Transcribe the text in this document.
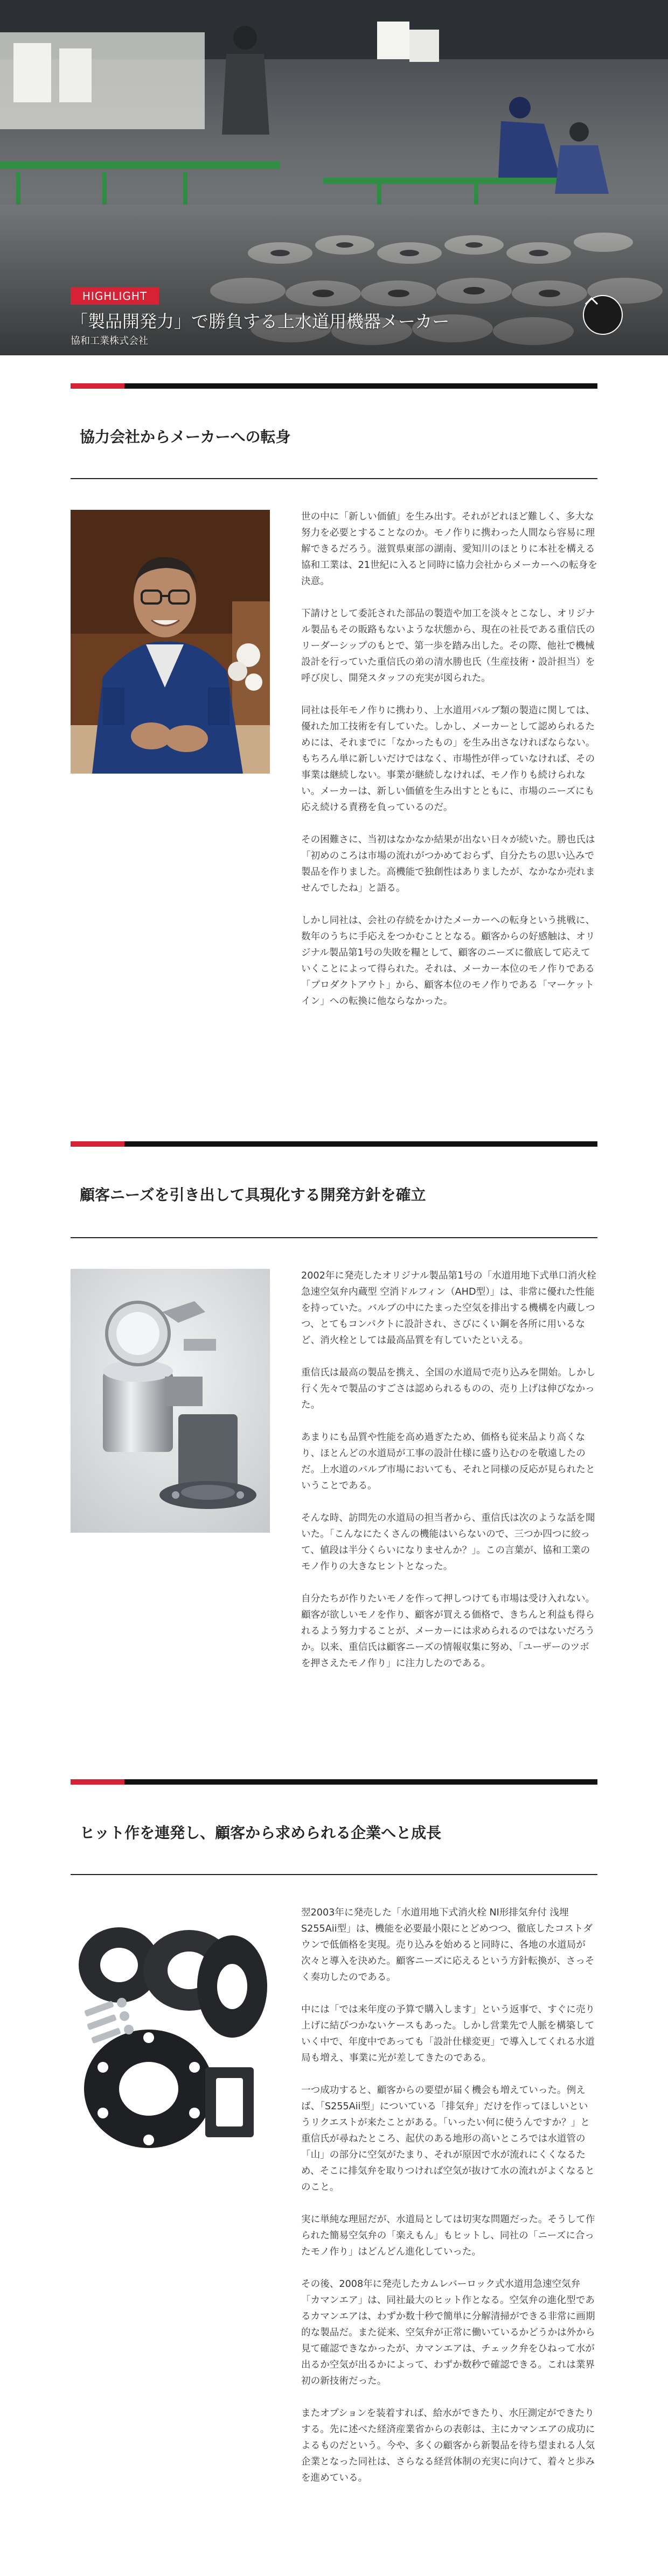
HIGHLIGHT
「製品開発力」で勝負する上水道用機器メーカー
協和工業株式会社
協力会社からメーカーへの転身

世の中に「新しい価値」を生み出す。それがどれほど難しく、多大な努力を必要とすることなのか。モノ作りに携わった人間なら容易に理解できるだろう。滋賀県東部の湖南、愛知川のほとりに本社を構える協和工業は、21世紀に入ると同時に協力会社からメーカーへの転身を決意。

下請けとして委託された部品の製造や加工を淡々とこなし、オリジナル製品もその販路もないような状態から、現在の社長である重信氏のリーダーシップのもとで、第一歩を踏み出した。その際、他社で機械設計を行っていた重信氏の弟の清水勝也氏（生産技術・設計担当）を呼び戻し、開発スタッフの充実が図られた。

同社は長年モノ作りに携わり、上水道用バルブ類の製造に関しては、優れた加工技術を有していた。しかし、メーカーとして認められるためには、それまでに「なかったもの」を生み出さなければならない。もちろん単に新しいだけではなく、市場性が伴っていなければ、その事業は継続しない。事業が継続しなければ、モノ作りも続けられない。メーカーは、新しい価値を生み出すとともに、市場のニーズにも応え続ける責務を負っているのだ。

その困難さに、当初はなかなか結果が出ない日々が続いた。勝也氏は「初めのころは市場の流れがつかめておらず、自分たちの思い込みで製品を作りました。高機能で独創性はありましたが、なかなか売れませんでしたね」と語る。

しかし同社は、会社の存続をかけたメーカーへの転身という挑戦に、数年のうちに手応えをつかむこととなる。顧客からの好感触は、オリジナル製品第1号の失敗を糧として、顧客のニーズに徹底して応えていくことによって得られた。それは、メーカー本位のモノ作りである「プロダクトアウト」から、顧客本位のモノ作りである「マーケットイン」への転換に他ならなかった。

顧客ニーズを引き出して具現化する開発方針を確立

2002年に発売したオリジナル製品第1号の「水道用地下式単口消火栓 急速空気弁内蔵型 空消ドルフィン（AHD型）」は、非常に優れた性能を持っていた。バルブの中にたまった空気を排出する機構を内蔵しつつ、とてもコンパクトに設計され、さびにくい鋼を各所に用いるなど、消火栓としては最高品質を有していたといえる。

重信氏は最高の製品を携え、全国の水道局で売り込みを開始。しかし行く先々で製品のすごさは認められるものの、売り上げは伸びなかった。

あまりにも品質や性能を高め過ぎたため、価格も従来品より高くなり、ほとんどの水道局が工事の設計仕様に盛り込むのを敬遠したのだ。上水道のバルブ市場においても、それと同様の反応が見られたということである。

そんな時、訪問先の水道局の担当者から、重信氏は次のような話を聞いた。「こんなにたくさんの機能はいらないので、三つか四つに絞って、値段は半分くらいになりませんか？」。この言葉が、協和工業のモノ作りの大きなヒントとなった。

自分たちが作りたいモノを作って押しつけても市場は受け入れない。顧客が欲しいモノを作り、顧客が買える価格で、きちんと利益も得られるよう努力することが、メーカーには求められるのではないだろうか。以来、重信氏は顧客ニーズの情報収集に努め、「ユーザーのツボを押さえたモノ作り」に注力したのである。

ヒット作を連発し、顧客から求められる企業へと成長

翌2003年に発売した「水道用地下式消火栓 NI形排気弁付 浅埋S255Aii型」は、機能を必要最小限にとどめつつ、徹底したコストダウンで低価格を実現。売り込みを始めると同時に、各地の水道局が次々と導入を決めた。顧客ニーズに応えるという方針転換が、さっそく奏功したのである。

中には「では来年度の予算で購入します」という返事で、すぐに売り上げに結びつかないケースもあった。しかし営業先で人脈を構築していく中で、年度中であっても「設計仕様変更」で導入してくれる水道局も増え、事業に光が差してきたのである。

一つ成功すると、顧客からの要望が届く機会も増えていった。例えば、「S255Aii型」についている「排気弁」だけを作ってほしいというリクエストが来たことがある。「いったい何に使うんですか？」と重信氏が尋ねたところ、起伏のある地形の高いところでは水道管の「山」の部分に空気がたまり、それが原因で水が流れにくくなるため、そこに排気弁を取りつければ空気が抜けて水の流れがよくなるとのこと。

実に単純な理屈だが、水道局としては切実な問題だった。そうして作られた簡易空気弁の「楽えもん」もヒットし、同社の「ニーズに合ったモノ作り」はどんどん進化していった。

その後、2008年に発売したカムレバーロック式水道用急速空気弁「カマンエア」は、同社最大のヒット作となる。空気弁の進化型であるカマンエアは、わずか数十秒で簡単に分解清掃ができる非常に画期的な製品だ。また従来、空気弁が正常に働いているかどうかは外から見て確認できなかったが、カマンエアは、チェック弁をひねって水が出るか空気が出るかによって、わずか数秒で確認できる。これは業界初の新技術だった。

またオプションを装着すれば、給水ができたり、水圧測定ができたりする。先に述べた経済産業省からの表彰は、主にカマンエアの成功によるものだという。今や、多くの顧客から新製品を待ち望まれる人気企業となった同社は、さらなる経営体制の充実に向けて、着々と歩みを進めている。
